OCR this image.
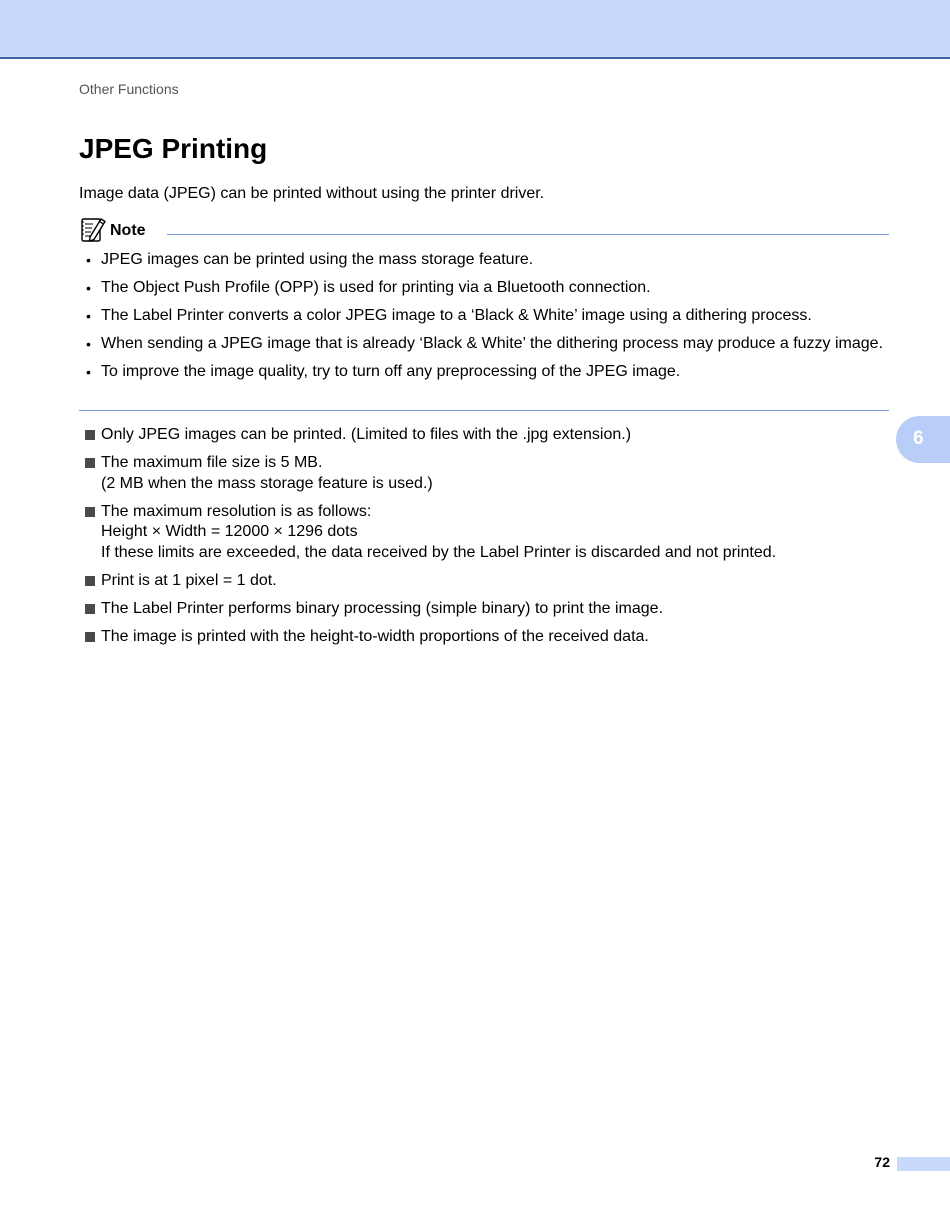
Other Functions
JPEG Printing
Image data (JPEG) can be printed without using the printer driver.
Note
• JPEG images can be printed using the mass storage feature.
• The Object Push Profile (OPP) is used for printing via a Bluetooth connection.
• The Label Printer converts a color JPEG image to a ‘Black & White’ image using a dithering process.
• When sending a JPEG image that is already ‘Black & White’ the dithering process may produce a fuzzy image.
• To improve the image quality, try to turn off any preprocessing of the JPEG image.
Only JPEG images can be printed. (Limited to files with the .jpg extension.)
The maximum file size is 5 MB.
(2 MB when the mass storage feature is used.)
The maximum resolution is as follows:
Height × Width = 12000 × 1296 dots
If these limits are exceeded, the data received by the Label Printer is discarded and not printed.
Print is at 1 pixel = 1 dot.
The Label Printer performs binary processing (simple binary) to print the image.
The image is printed with the height-to-width proportions of the received data.
6
72
